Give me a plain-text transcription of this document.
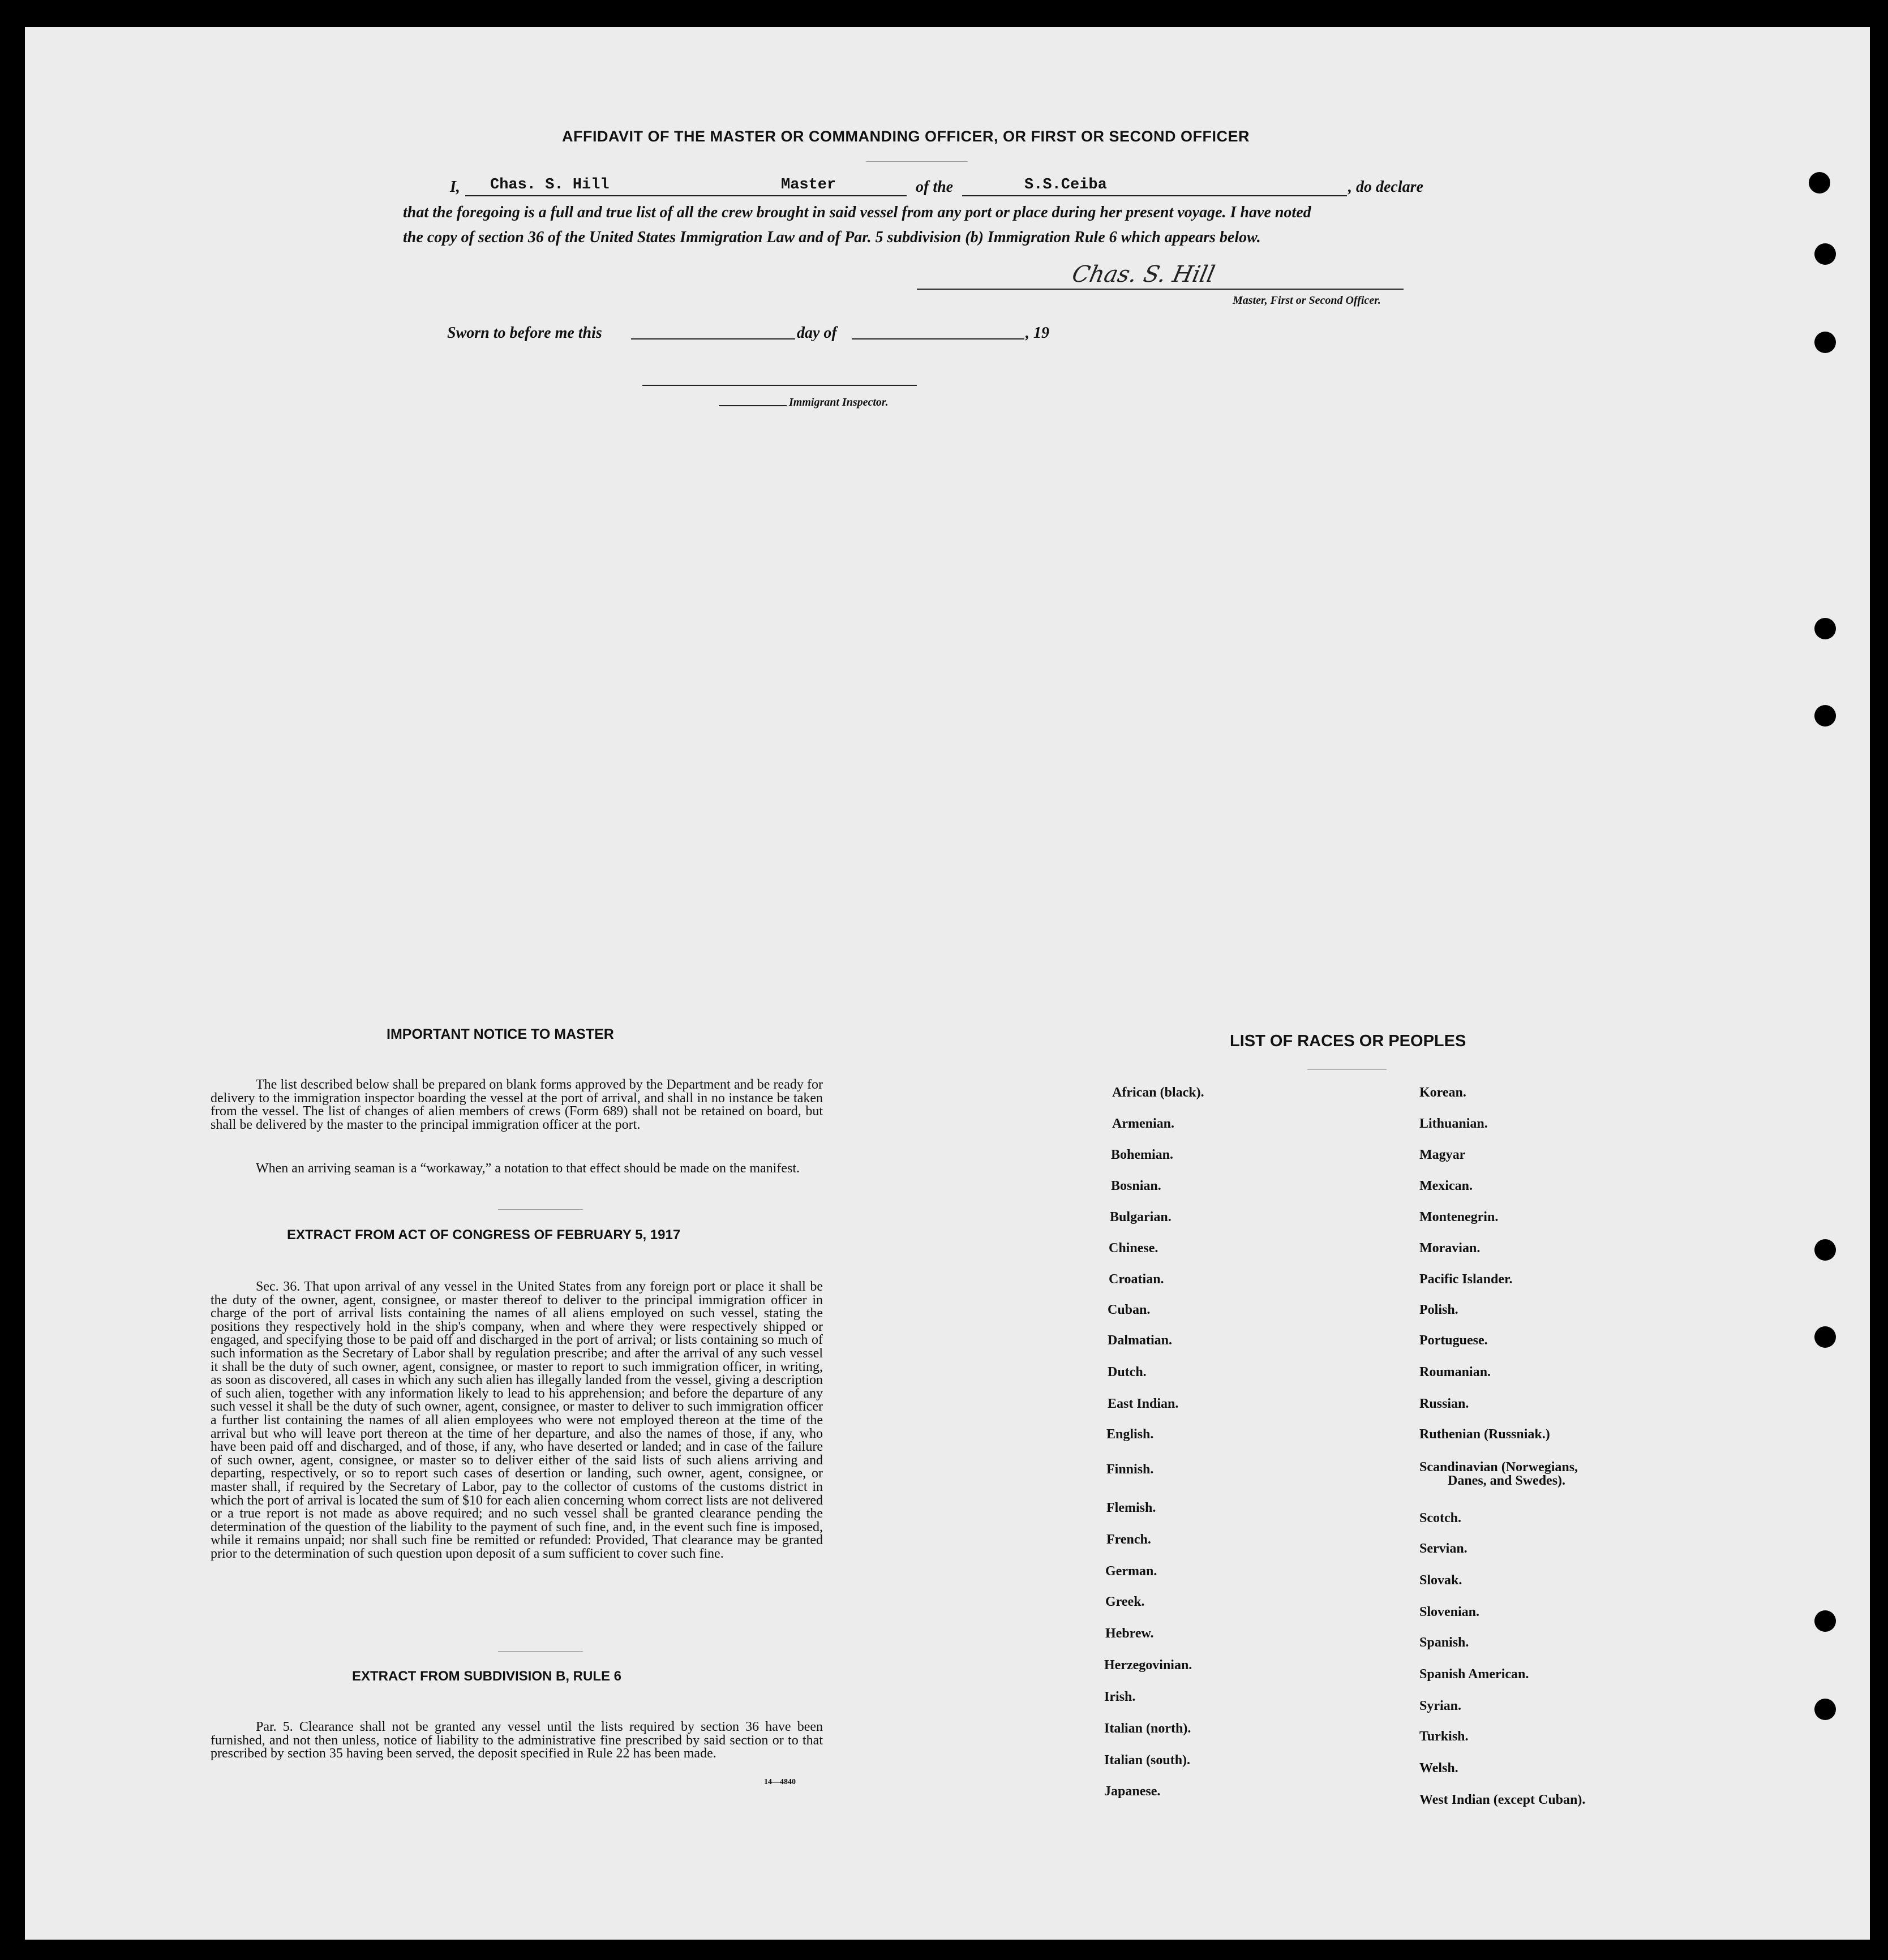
AFFIDAVIT OF THE MASTER OR COMMANDING OFFICER, OR FIRST OR SECOND OFFICER
I, Chas. S. Hill	Master	of the	S.S.Ceiba	, do declare
that the foregoing is a full and true list of all the crew brought in said vessel from any port or place during her present voyage. I have noted
the copy of section 36 of the United States Immigration Law and of Par. 5 subdivision (b) Immigration Rule 6 which appears below.
Chas. S. Hill
Master, First or Second Officer.
Sworn to before me this	day of	, 19
Immigrant Inspector.
IMPORTANT NOTICE TO MASTER
The list described below shall be prepared on blank forms approved by the Department and be ready for delivery to the immigration inspector boarding the vessel at the port of arrival, and shall in no instance be taken from the vessel. The list of changes of alien members of crews (Form 689) shall not be retained on board, but shall be delivered by the master to the principal immigration officer at the port.
When an arriving seaman is a “workaway,” a notation to that effect should be made on the manifest.
EXTRACT FROM ACT OF CONGRESS OF FEBRUARY 5, 1917
Sec. 36. That upon arrival of any vessel in the United States from any foreign port or place it shall be the duty of the owner, agent, consignee, or master thereof to deliver to the principal immigration officer in charge of the port of arrival lists containing the names of all aliens employed on such vessel, stating the positions they respectively hold in the ship's company, when and where they were respectively shipped or engaged, and specifying those to be paid off and discharged in the port of arrival; or lists containing so much of such information as the Secretary of Labor shall by regulation prescribe; and after the arrival of any such vessel it shall be the duty of such owner, agent, consignee, or master to report to such immigration officer, in writing, as soon as discovered, all cases in which any such alien has illegally landed from the vessel, giving a description of such alien, together with any information likely to lead to his apprehension; and before the departure of any such vessel it shall be the duty of such owner, agent, consignee, or master to deliver to such immigration officer a further list containing the names of all alien employees who were not employed thereon at the time of the arrival but who will leave port thereon at the time of her departure, and also the names of those, if any, who have been paid off and discharged, and of those, if any, who have deserted or landed; and in case of the failure of such owner, agent, consignee, or master so to deliver either of the said lists of such aliens arriving and departing, respectively, or so to report such cases of desertion or landing, such owner, agent, consignee, or master shall, if required by the Secretary of Labor, pay to the collector of customs of the customs district in which the port of arrival is located the sum of $10 for each alien concerning whom correct lists are not delivered or a true report is not made as above required; and no such vessel shall be granted clearance pending the determination of the question of the liability to the payment of such fine, and, in the event such fine is imposed, while it remains unpaid; nor shall such fine be remitted or refunded: Provided, That clearance may be granted prior to the determination of such question upon deposit of a sum sufficient to cover such fine.
EXTRACT FROM SUBDIVISION B, RULE 6
Par. 5. Clearance shall not be granted any vessel until the lists required by section 36 have been furnished, and not then unless, notice of liability to the administrative fine prescribed by said section or to that prescribed by section 35 having been served, the deposit specified in Rule 22 has been made.
14—4840
LIST OF RACES OR PEOPLES
African (black).
Armenian.
Bohemian.
Bosnian.
Bulgarian.
Chinese.
Croatian.
Cuban.
Dalmatian.
Dutch.
East Indian.
English.
Finnish.
Flemish.
French.
German.
Greek.
Hebrew.
Herzegovinian.
Irish.
Italian (north).
Italian (south).
Japanese.
Korean.
Lithuanian.
Magyar
Mexican.
Montenegrin.
Moravian.
Pacific Islander.
Polish.
Portuguese.
Roumanian.
Russian.
Ruthenian (Russniak.)
Scandinavian (Norwegians,
Danes, and Swedes).
Scotch.
Servian.
Slovak.
Slovenian.
Spanish.
Spanish American.
Syrian.
Turkish.
Welsh.
West Indian (except Cuban).
